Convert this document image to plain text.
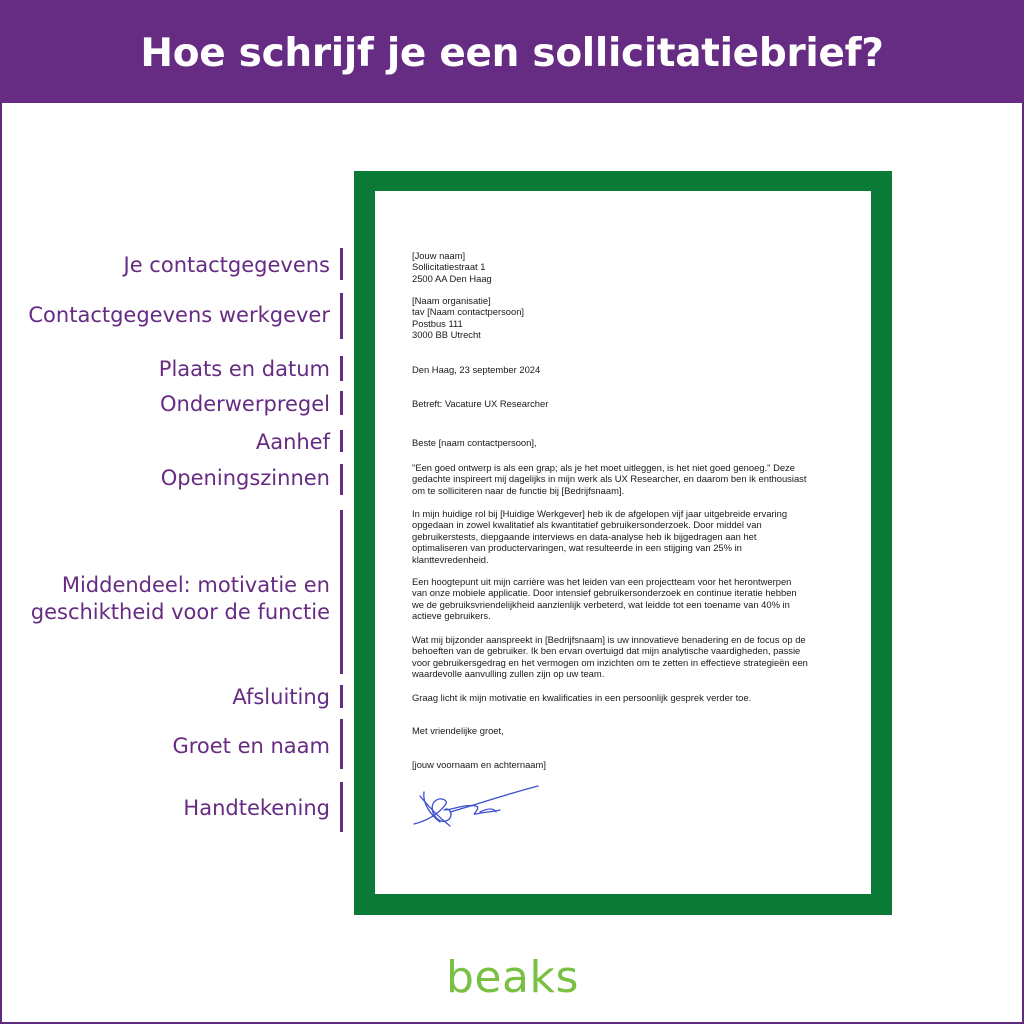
Hoe schrijf je een sollicitatiebrief?
Je contactgegevens
Contactgegevens werkgever
Plaats en datum
Onderwerpregel
Aanhef
Openingszinnen
Middendeel: motivatie en
geschiktheid voor de functie
Afsluiting
Groet en naam
Handtekening
[Jouw naam]
Sollicitatiestraat 1
2500 AA Den Haag
[Naam organisatie]
tav [Naam contactpersoon]
Postbus 111
3000 BB Utrecht
Den Haag, 23 september 2024
Betreft: Vacature UX Researcher
Beste [naam contactpersoon],
"Een goed ontwerp is als een grap; als je het moet uitleggen, is het niet goed genoeg." Deze
gedachte inspireert mij dagelijks in mijn werk als UX Researcher, en daarom ben ik enthousiast
om te solliciteren naar de functie bij [Bedrijfsnaam].
In mijn huidige rol bij [Huidige Werkgever] heb ik de afgelopen vijf jaar uitgebreide ervaring
opgedaan in zowel kwalitatief als kwantitatief gebruikersonderzoek. Door middel van
gebruikerstests, diepgaande interviews en data-analyse heb ik bijgedragen aan het
optimaliseren van productervaringen, wat resulteerde in een stijging van 25% in
klanttevredenheid.
Een hoogtepunt uit mijn carrière was het leiden van een projectteam voor het herontwerpen
van onze mobiele applicatie. Door intensief gebruikersonderzoek en continue iteratie hebben
we de gebruiksvriendelijkheid aanzienlijk verbeterd, wat leidde tot een toename van 40% in
actieve gebruikers.
Wat mij bijzonder aanspreekt in [Bedrijfsnaam] is uw innovatieve benadering en de focus op de
behoeften van de gebruiker. Ik ben ervan overtuigd dat mijn analytische vaardigheden, passie
voor gebruikersgedrag en het vermogen om inzichten om te zetten in effectieve strategieën een
waardevolle aanvulling zullen zijn op uw team.
Graag licht ik mijn motivatie en kwalificaties in een persoonlijk gesprek verder toe.
Met vriendelijke groet,
[jouw voornaam en achternaam]
beaks
